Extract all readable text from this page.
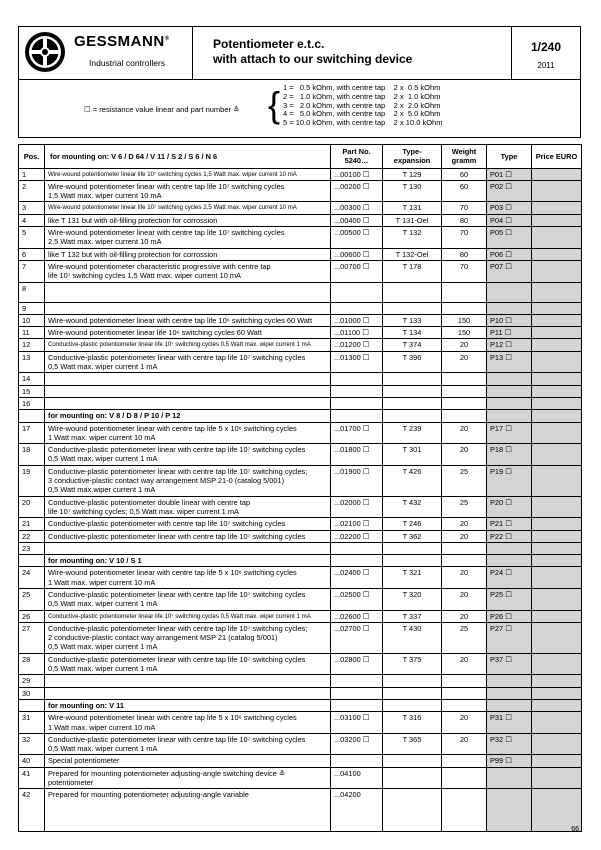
GESSMANN®
Industrial controllers
Potentiometer e.t.c.
with attach to our switching device
1/240
2011
☐ = resistance value linear and part number ≙ { 1 =   0.5 kOhm, with centre tap    2 x  0.5 kOhm
2 =   1.0 kOhm, with centre tap    2 x  1.0 kOhm
3 =   2.0 kOhm, with centre tap    2 x  2.0 kOhm
4 =   5.0 kOhm, with centre tap    2 x  5.0 kOhm
5 = 10.0 kOhm, with centre tap    2 x 10.0 kOhm
Pos.	for mounting on: V 6 / D 64 / V 11 / S 2 / S 6 / N 6	Part No. 5240…	Type- expansion	Weight gramm	Type	Price EURO
1	Wire-wound potentiometer linear life 10⁷ switching cycles 1,5 Watt max. wiper current 10 mA	...00100 ☐	T 129	60	P01 ☐	
2	Wire-wound potentiometer linear with centre tap life 10⁷ switching cycles
1,5 Watt max. wiper current 10 mA	...00200 ☐	T 130	60	P02 ☐	
3	Wire-wound potentiometer linear life 10⁷ switching cycles 2,5 Watt max. wiper current 10 mA	...00300 ☐	T 131	70	P03 ☐	
4	like T 131 but with oil-filling protection for corrossion	...00400 ☐	T 131-Oel	80	P04 ☐	
5	Wire-wound potentiometer linear with centre tap life 10⁷ switching cycles
2,5 Watt max. wiper current 10 mA	...00500 ☐	T 132	70	P05 ☐	
6	like T 132 but with oil-filling protection for corrossion	...00600 ☐	T 132-Oel	80	P06 ☐	
7	Wire-wound potentiometer characteristic progressive with centre tap
life 10⁷ switching cycles 1,5 Watt max. wiper current 10 mA	...00700 ☐	T 178	70	P07 ☐	
8	

9	

10	Wire-wound potentiometer linear with centre tap life 10⁶ switching cycles 60 Watt	...01000 ☐	T 133	150	P10 ☐	
11	Wire-wound potentiometer linear life 10⁶ switching cycles 60 Watt	...01100 ☐	T 134	150	P11 ☐	
12	Conductive-plastic potentiometer linear life 10⁷ switching cycles 0,5 Watt max. wiper current 1 mA	...01200 ☐	T 374	20	P12 ☐	
13	Conductive-plastic potentiometer linear with centre tap life 10⁷ switching cycles
0,5 Watt max. wiper current 1 mA	...01300 ☐	T 396	20	P13 ☐	
14	

15	

16	

	for mounting on: V 8 / D 8 / P 10 / P 12					

17	Wire-wound potentiometer linear with centre tap life 5 x 10⁶ switching cycles
1 Watt max. wiper current 10 mA	...01700 ☐	T 239	20	P17 ☐	
18	Conductive-plastic potentiometer linear with centre tap life 10⁷ switching cycles
0,5 Watt max. wiper current 1 mA	...01800 ☐	T 301	20	P18 ☐	
19	Conductive-plastic potentiometer linear with centre tap life 10⁷ switching cycles;
3 conductive-plastic contact way arrangement MSP 21-0 (catalog 5/001)
0,5 Watt max.wiper current 1 mA	...01900 ☐	T 426	25	P19 ☐	
20	Conductive-plastic potentiometer double linear with centre tap
life 10⁷ switching cycles; 0,5 Watt max. wiper current 1 mA	...02000 ☐	T 432	25	P20 ☐	
21	Conductive-plastic potentiometer with centre tap life 10⁷ switching cycles	...02100 ☐	T 246	20	P21 ☐	
22	Conductive-plastic potentiometer linear with centre tap life 10⁷ switching cycles	...02200 ☐	T 362	20	P22 ☐	
23	

	for mounting on: V 10 / S 1					

24	Wire-wound potentiometer linear with centre tap life 5 x 10⁶ switching cycles
1 Watt max. wiper current 10 mA	...02400 ☐	T 321	20	P24 ☐	
25	Conductive-plastic potentiometer linear with centre tap life 10⁷ switching cycles
0,5 Watt max. wiper current 1 mA	...02500 ☐	T 320	20	P25 ☐	
26	Conductive-plastic potentiometer linear life 10⁷ switching cycles 0,5 Watt max. wiper current 1 mA	...02600 ☐	T 337	20	P26 ☐	
27	Conductive-plastic potentiometer linear with centre tap life 10⁷ switching cycles;
2 conductive-plastic contact way arrangement MSP 21 (catalog 5/001)
0,5 Watt max. wiper current 1 mA	...02700 ☐	T 430	25	P27 ☐	
28	Conductive-plastic potentiometer linear with centre tap life 10⁷ switching cycles
0,5 Watt max. wiper current 1 mA	...02800 ☐	T 375	20	P37 ☐	
29	

30	

	for mounting on: V 11					

31	Wire-wound potentiometer linear with centre tap life 5 x 10⁶ switching cycles
1 Watt max. wiper current 10 mA	...03100 ☐	T 316	20	P31 ☐	
32	Conductive-plastic potentiometer linear with centre tap life 10⁷ switching cycles
0,5 Watt max. wiper current 1 mA	...03200 ☐	T 365	20	P32 ☐	
40	Special potentiometer				P99 ☐	
41	Prepared for mounting potentiometer adjusting-angle switching device ≙ potentiometer	...04100				
42	Prepared for mounting potentiometer adjusting-angle variable	...04200				
66
